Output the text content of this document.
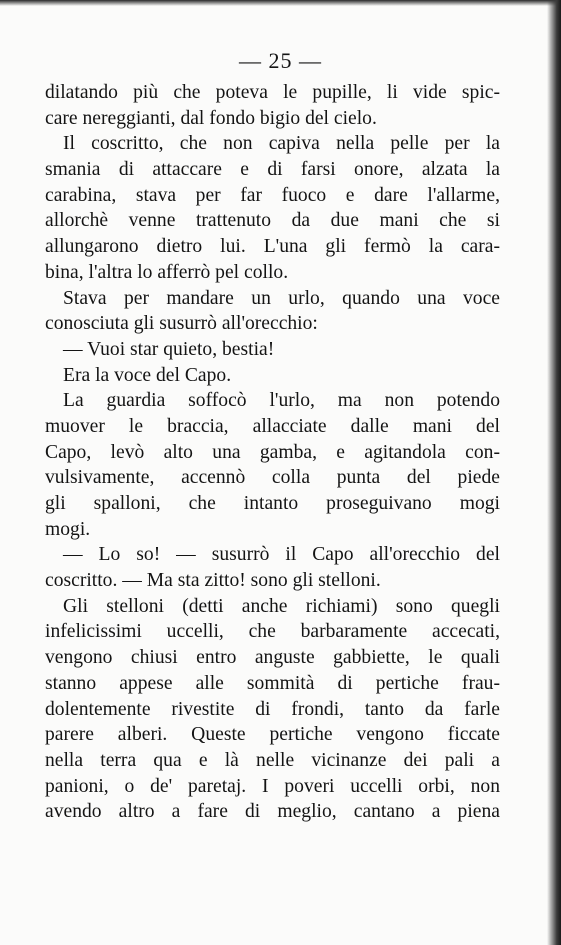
— 25 —
dilatando più che poteva le pupille, li vide spic-
care nereggianti, dal fondo bigio del cielo.
Il coscritto, che non capiva nella pelle per la
smania di attaccare e di farsi onore, alzata la
carabina, stava per far fuoco e dare l'allarme,
allorchè venne trattenuto da due mani che si
allungarono dietro lui. L'una gli fermò la cara-
bina, l'altra lo afferrò pel collo.
Stava per mandare un urlo, quando una voce
conosciuta gli susurrò all'orecchio:
— Vuoi star quieto, bestia!
Era la voce del Capo.
La guardia soffocò l'urlo, ma non potendo
muover le braccia, allacciate dalle mani del
Capo, levò alto una gamba, e agitandola con-
vulsivamente, accennò colla punta del piede
gli spalloni, che intanto proseguivano mogi
mogi.
— Lo so! — susurrò il Capo all'orecchio del
coscritto. — Ma sta zitto! sono gli stelloni.
Gli stelloni (detti anche richiami) sono quegli
infelicissimi uccelli, che barbaramente accecati,
vengono chiusi entro anguste gabbiette, le quali
stanno appese alle sommità di pertiche frau-
dolentemente rivestite di frondi, tanto da farle
parere alberi. Queste pertiche vengono ficcate
nella terra qua e là nelle vicinanze dei pali a
panioni, o de' paretaj. I poveri uccelli orbi, non
avendo altro a fare di meglio, cantano a piena
